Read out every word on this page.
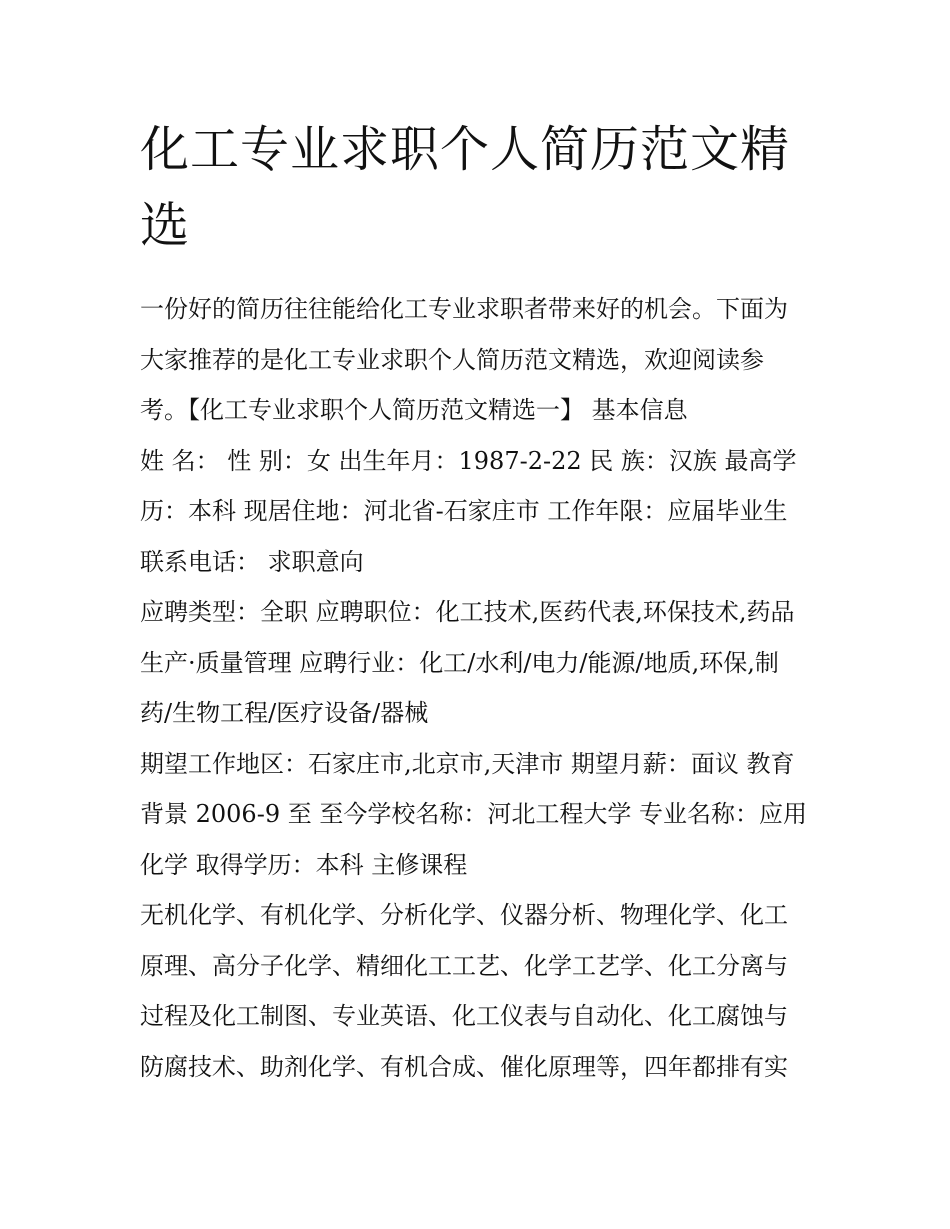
化工专业求职个人简历范文精
选
一份好的简历往往能给化工专业求职者带来好的机会。下面为
大家推荐的是化工专业求职个人简历范文精选，欢迎阅读参
考。【化工专业求职个人简历范文精选一】 基本信息
姓 名： 性 别：女 出生年月：1987-2-22 民 族：汉族 最高学
历：本科 现居住地：河北省-石家庄市 工作年限：应届毕业生
联系电话： 求职意向
应聘类型：全职 应聘职位：化工技术,医药代表,环保技术,药品
生产·质量管理 应聘行业：化工/水利/电力/能源/地质,环保,制
药/生物工程/医疗设备/器械
期望工作地区：石家庄市,北京市,天津市 期望月薪：面议 教育
背景 2006-9 至 至今学校名称：河北工程大学 专业名称：应用
化学 取得学历：本科 主修课程
无机化学、有机化学、分析化学、仪器分析、物理化学、化工
原理、高分子化学、精细化工工艺、化学工艺学、化工分离与
过程及化工制图、专业英语、化工仪表与自动化、化工腐蚀与
防腐技术、助剂化学、有机合成、催化原理等，四年都排有实
